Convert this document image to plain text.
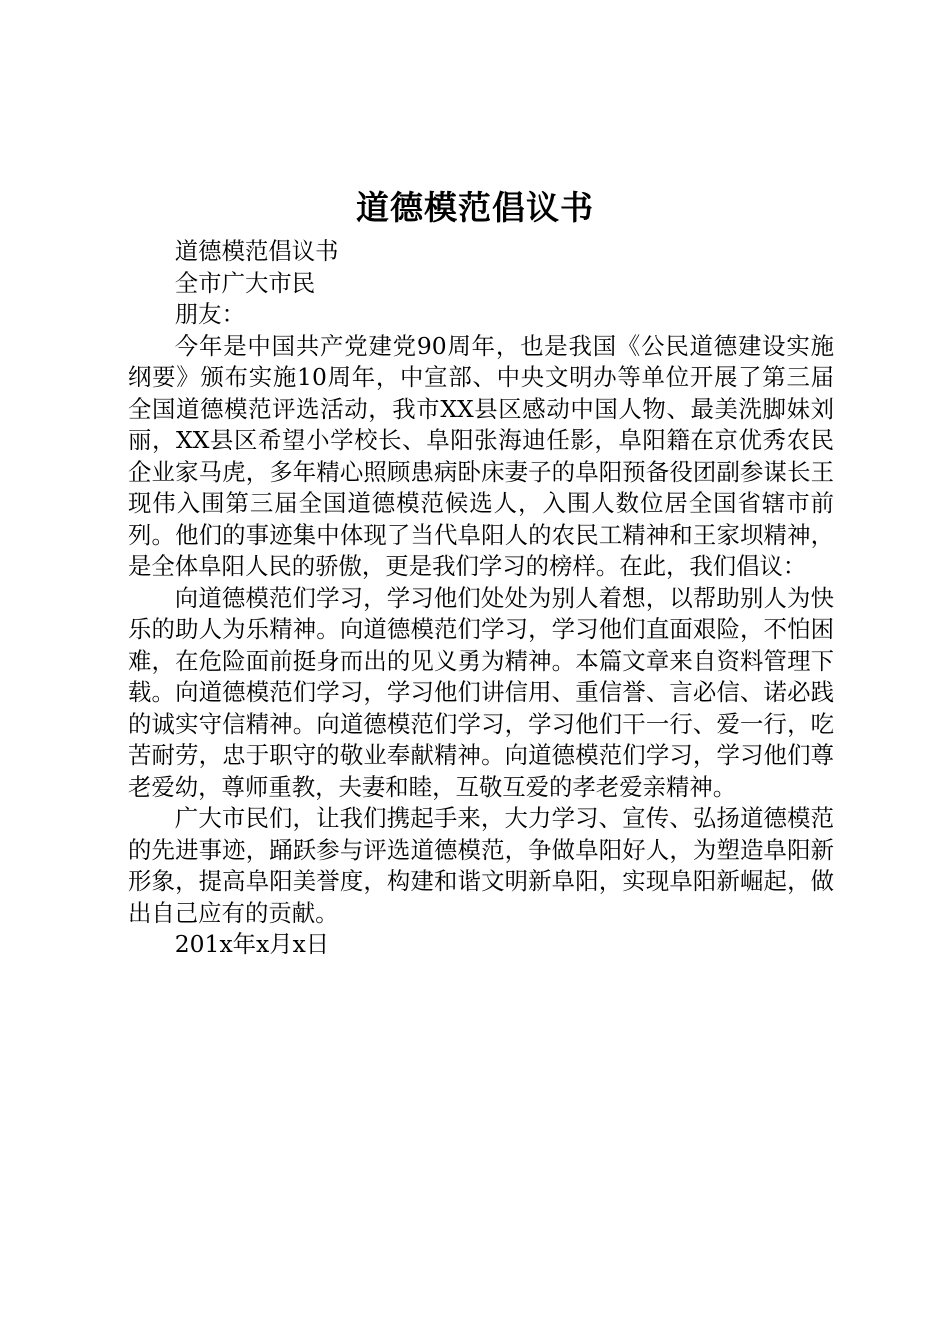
道德模范倡议书

道德模范倡议书

全市广大市民

朋友：

今年是中国共产党建党90周年，也是我国《公民道德建设实施纲要》颁布实施10周年，中宣部、中央文明办等单位开展了第三届全国道德模范评选活动，我市XX县区感动中国人物、最美洗脚妹刘丽，XX县区希望小学校长、阜阳张海迪任影，阜阳籍在京优秀农民企业家马虎，多年精心照顾患病卧床妻子的阜阳预备役团副参谋长王现伟入围第三届全国道德模范候选人，入围人数位居全国省辖市前列。他们的事迹集中体现了当代阜阳人的农民工精神和王家坝精神，是全体阜阳人民的骄傲，更是我们学习的榜样。在此，我们倡议：

向道德模范们学习，学习他们处处为别人着想，以帮助别人为快乐的助人为乐精神。向道德模范们学习，学习他们直面艰险，不怕困难，在危险面前挺身而出的见义勇为精神。本篇文章来自资料管理下载。向道德模范们学习，学习他们讲信用、重信誉、言必信、诺必践的诚实守信精神。向道德模范们学习，学习他们干一行、爱一行，吃苦耐劳，忠于职守的敬业奉献精神。向道德模范们学习，学习他们尊老爱幼，尊师重教，夫妻和睦，互敬互爱的孝老爱亲精神。

广大市民们，让我们携起手来，大力学习、宣传、弘扬道德模范的先进事迹，踊跃参与评选道德模范，争做阜阳好人，为塑造阜阳新形象，提高阜阳美誉度，构建和谐文明新阜阳，实现阜阳新崛起，做出自己应有的贡献。

201x年x月x日
